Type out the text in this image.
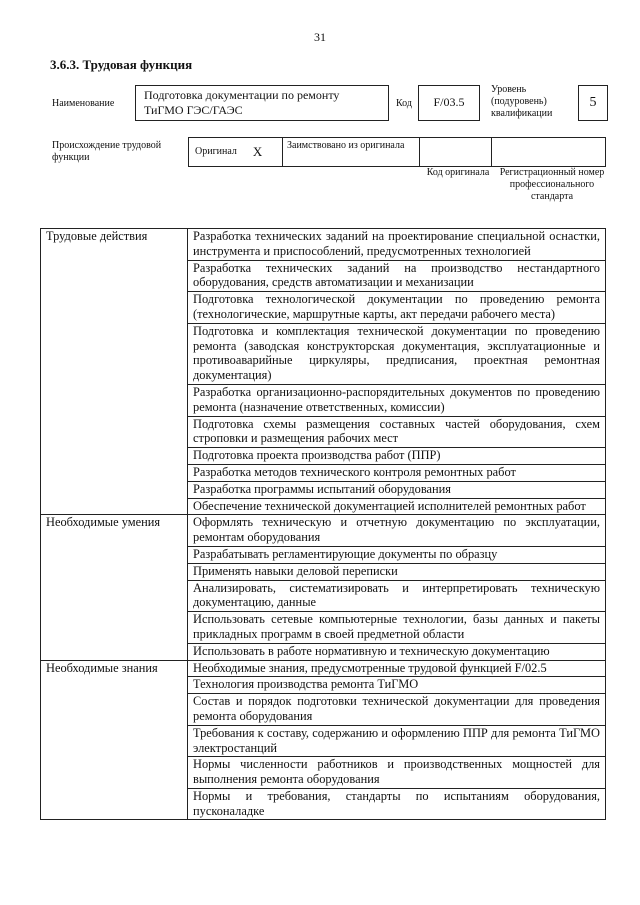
31
3.6.3. Трудовая функция
Наименование
Подготовка документации по ремонту ТиГМО ГЭС/ГАЭС	Код	F/03.5
Уровень (подуровень) квалификации
5
Происхождение трудовой функции
Оригинал X	Заимствовано из оригинала
Код оригинала	Регистрационный номер профессионального стандарта
Трудовые действия	Разработка технических заданий на проектирование специальной оснастки, инструмента и приспособлений, предусмотренных технологией
	Разработка технических заданий на производство нестандартного оборудования, средств автоматизации и механизации
	Подготовка технологической документации по проведению ремонта (технологические, маршрутные карты, акт передачи рабочего места)
	Подготовка и комплектация технической документации по проведению ремонта (заводская конструкторская документация, эксплуатационные и противоаварийные циркуляры, предписания, проектная ремонтная документация)
	Разработка организационно-распорядительных документов по проведению ремонта (назначение ответственных, комиссии)
	Подготовка схемы размещения составных частей оборудования, схем строповки и размещения рабочих мест
	Подготовка проекта производства работ (ППР)
	Разработка методов технического контроля ремонтных работ
	Разработка программы испытаний оборудования
	Обеспечение технической документацией исполнителей ремонтных работ
Необходимые умения	Оформлять техническую и отчетную документацию по эксплуатации, ремонтам оборудования
	Разрабатывать регламентирующие документы по образцу
	Применять навыки деловой переписки
	Анализировать, систематизировать и интерпретировать техническую документацию, данные
	Использовать сетевые компьютерные технологии, базы данных и пакеты прикладных программ в своей предметной области
	Использовать в работе нормативную и техническую документацию
Необходимые знания	Необходимые знания, предусмотренные трудовой функцией F/02.5
	Технология производства ремонта ТиГМО
	Состав и порядок подготовки технической документации для проведения ремонта оборудования
	Требования к составу, содержанию и оформлению ППР для ремонта ТиГМО электростанций
	Нормы численности работников и производственных мощностей для выполнения ремонта оборудования
	Нормы и требования, стандарты по испытаниям оборудования, пусконаладке
